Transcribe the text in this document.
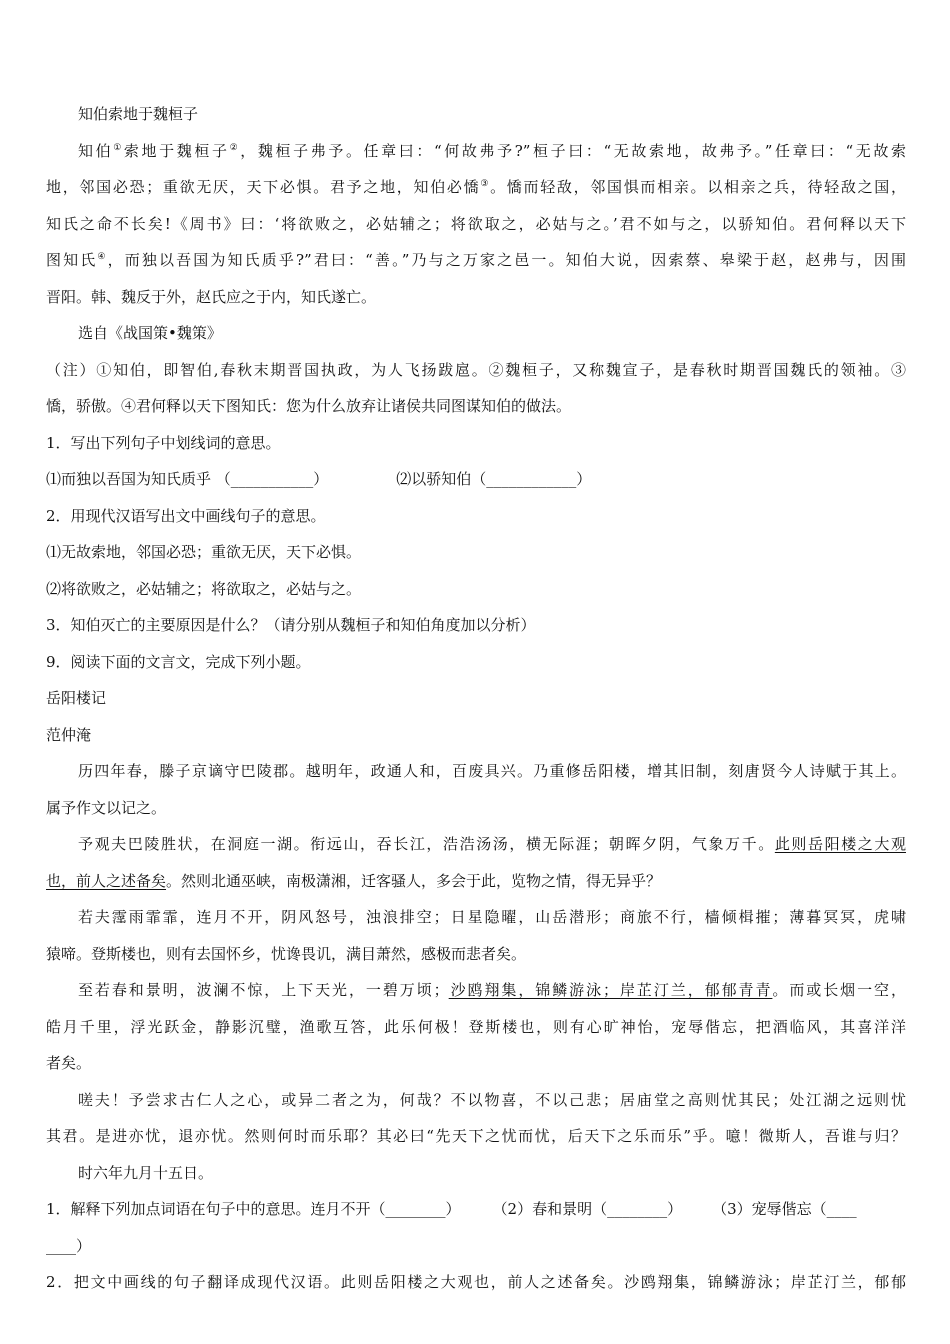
知伯索地于魏桓子
知伯①索地于魏桓子②，魏桓子弗予。任章曰：“何故弗予?”桓子曰：“无故索地，故弗予。”任章曰：“无故索
地，邻国必恐；重欲无厌，天下必惧。君予之地，知伯必憍③。憍而轻敌，邻国惧而相亲。以相亲之兵，待轻敌之国，
知氏之命不长矣!《周书》曰：‘将欲败之，必姑辅之；将欲取之，必姑与之。’君不如与之，以骄知伯。君何释以天下
图知氏④，而独以吾国为知氏质乎?”君曰：“善。”乃与之万家之邑一。知伯大说，因索蔡、皋梁于赵，赵弗与，因围
晋阳。韩、魏反于外，赵氏应之于内，知氏遂亡。
选自《战国策•魏策》
（注）①知伯，即智伯,春秋末期晋国执政，为人飞扬跋扈。②魏桓子，又称魏宣子，是春秋时期晋国魏氏的领袖。③
憍，骄傲。④君何释以天下图知氏：您为什么放弃让诸侯共同图谋知伯的做法。
1．写出下列句子中划线词的意思。
⑴而独以吾国为知氏质乎 （___________）	⑵以骄知伯（____________）
2．用现代汉语写出文中画线句子的意思。
⑴无故索地，邻国必恐；重欲无厌，天下必惧。
⑵将欲败之，必姑辅之；将欲取之，必姑与之。
3．知伯灭亡的主要原因是什么？（请分别从魏桓子和知伯角度加以分析）
9．阅读下面的文言文，完成下列小题。
岳阳楼记
范仲淹
历四年春，滕子京谪守巴陵郡。越明年，政通人和，百废具兴。乃重修岳阳楼，增其旧制，刻唐贤今人诗赋于其上。
属予作文以记之。
予观夫巴陵胜状，在洞庭一湖。衔远山，吞长江，浩浩汤汤，横无际涯；朝晖夕阴，气象万千。此则岳阳楼之大观
也，前人之述备矣。然则北通巫峡，南极潇湘，迁客骚人，多会于此，览物之情，得无异乎？
若夫霪雨霏霏，连月不开，阴风怒号，浊浪排空；日星隐曜，山岳潜形；商旅不行，樯倾楫摧；薄暮冥冥，虎啸
猿啼。登斯楼也，则有去国怀乡，忧谗畏讥，满目萧然，感极而悲者矣。
至若春和景明，波澜不惊，上下天光，一碧万顷；沙鸥翔集，锦鳞游泳；岸芷汀兰，郁郁青青。而或长烟一空，
皓月千里，浮光跃金，静影沉璧，渔歌互答，此乐何极！登斯楼也，则有心旷神怡，宠辱偕忘，把酒临风，其喜洋洋
者矣。
嗟夫！予尝求古仁人之心，或异二者之为，何哉？不以物喜，不以己悲；居庙堂之高则忧其民；处江湖之远则忧
其君。是进亦忧，退亦忧。然则何时而乐耶？其必曰“先天下之忧而忧，后天下之乐而乐”乎。噫！微斯人，吾谁与归？
时六年九月十五日。
1．解释下列加点词语在句子中的意思。连月不开（________） （2）春和景明（________） （3）宠辱偕忘（____
____）
2．把文中画线的句子翻译成现代汉语。此则岳阳楼之大观也，前人之述备矣。沙鸥翔集，锦鳞游泳；岸芷汀兰，郁郁
